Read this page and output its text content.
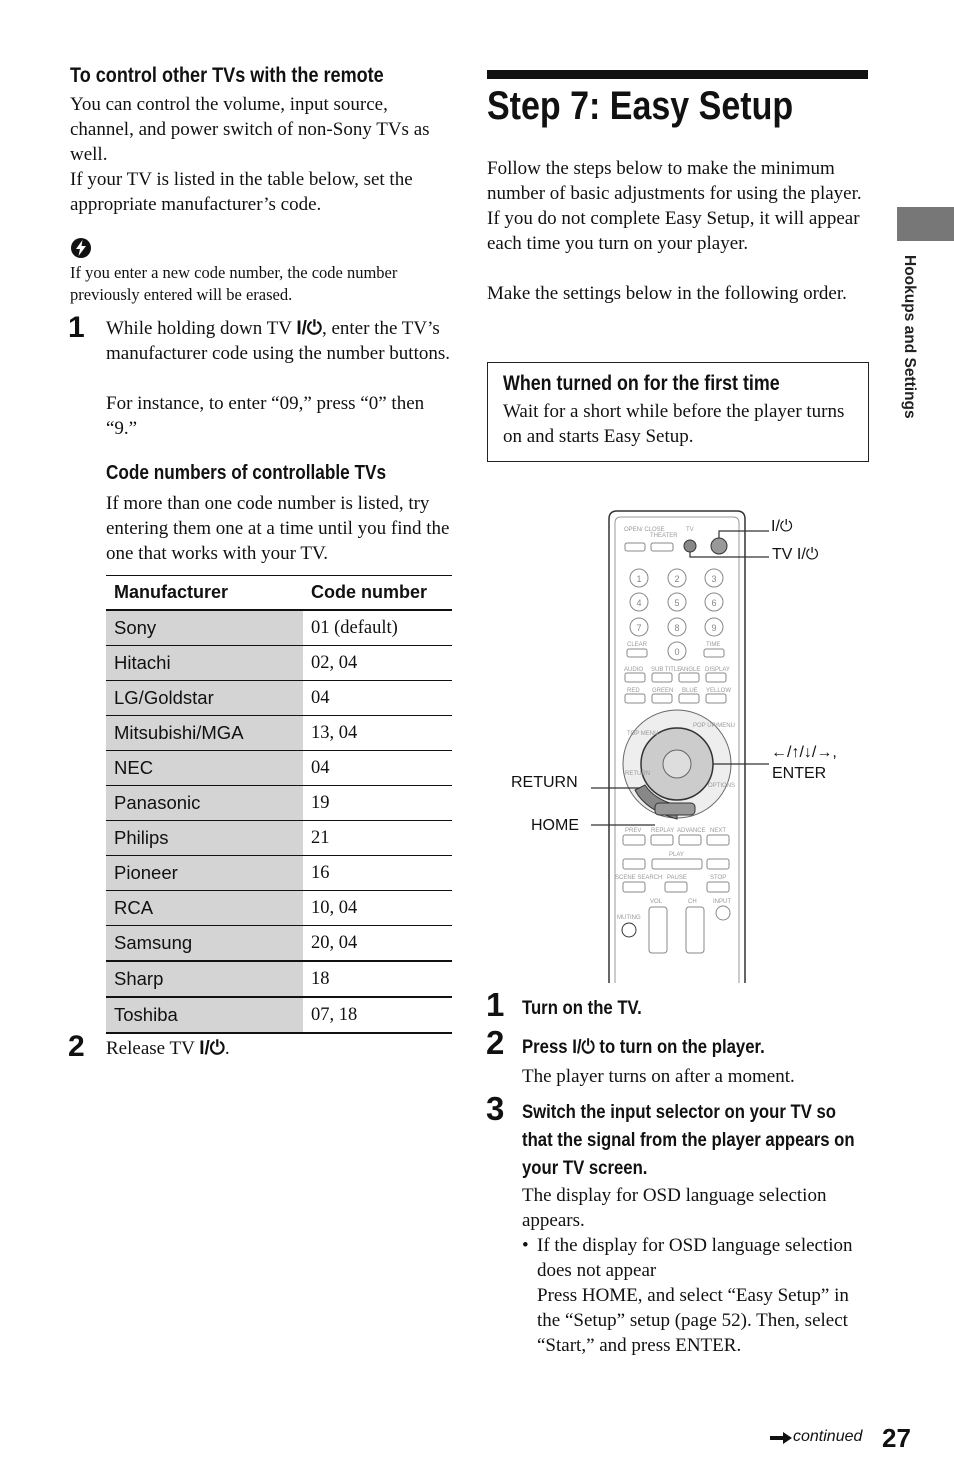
To control other TVs with the remote
You can control the volume, input source, channel, and power switch of non-Sony TVs as well.
If your TV is listed in the table below, set the appropriate manufacturer’s code.
If you enter a new code number, the code number previously entered will be erased.
1 While holding down TV I/⏻, enter the TV’s manufacturer code using the number buttons.
For instance, to enter “09,” press “0” then “9.”
Code numbers of controllable TVs
If more than one code number is listed, try entering them one at a time until you find the one that works with your TV.
Manufacturer	Code number
Sony	01 (default)
Hitachi	02, 04
LG/Goldstar	04
Mitsubishi/MGA	13, 04
NEC	04
Panasonic	19
Philips	21
Pioneer	16
RCA	10, 04
Samsung	20, 04
Sharp	18
Toshiba	07, 18
2 Release TV I/⏻.
Step 7: Easy Setup
Follow the steps below to make the minimum number of basic adjustments for using the player. If you do not complete Easy Setup, it will appear each time you turn on your player.
Make the settings below in the following order.
When turned on for the first time
Wait for a short while before the player turns on and starts Easy Setup.
1	2	3
4	5	6
7	8	9
0
OPEN/ CLOSE
THEATER
TV
CLEAR	TIME
AUDIO SUB TITLE
ANGLE DISPLAY
RED GREEN BLUE YELLOW
TOP MENU
POP UP/MENU
RETURN
OPTIONS
HOME
PREV REPLAY ADVANCE NEXT
PLAY
SCENE SEARCH PAUSE	STOP
VOL	CH	INPUT
MUTING
I/⏻
TV I/⏻
←/↑/↓/→,
ENTER
RETURN
HOME
1 Turn on the TV.
2 Press I/⏻ to turn on the player.
The player turns on after a moment.
3 Switch the input selector on your TV so that the signal from the player appears on your TV screen.
The display for OSD language selection appears.
• If the display for OSD language selection does not appear
Press HOME, and select “Easy Setup” in the “Setup” setup (page 52). Then, select “Start,” and press ENTER.
Hookups and Settings
continued 27
